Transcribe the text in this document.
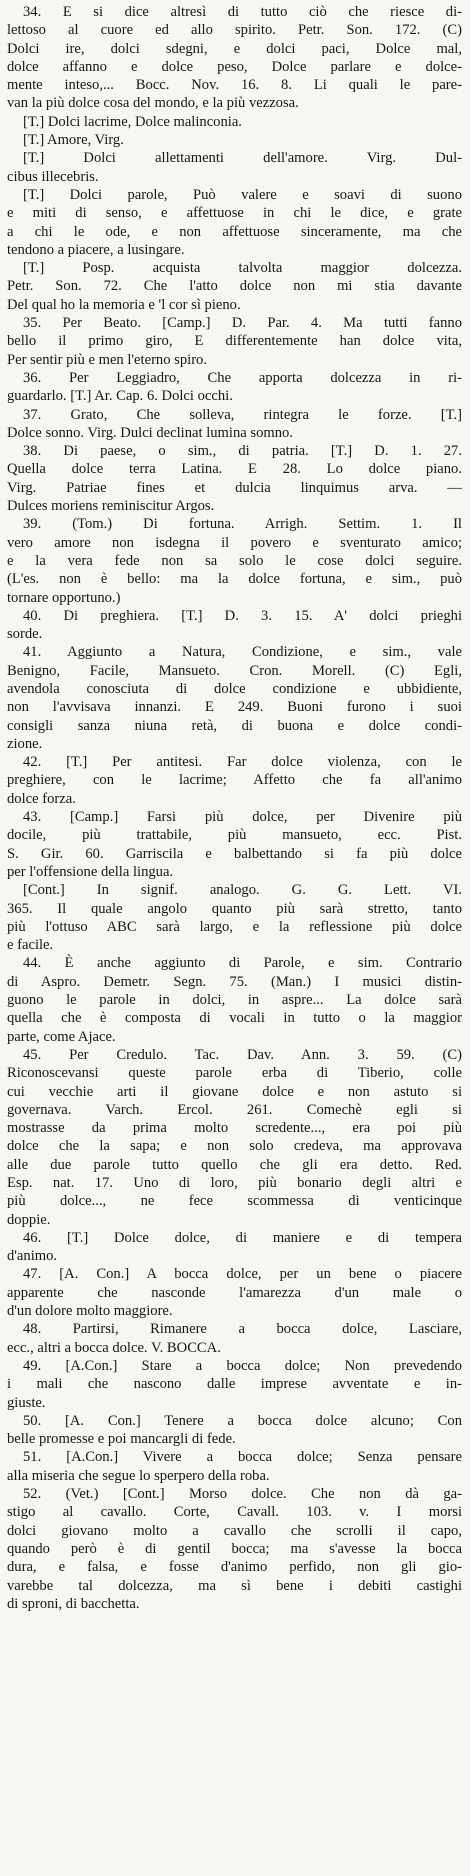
34. E si dice altresì di tutto ciò che riesce di-
lettoso al cuore ed allo spirito. Petr. Son. 172. (C)
Dolci ire, dolci sdegni, e dolci paci, Dolce mal,
dolce affanno e dolce peso, Dolce parlare e dolce-
mente inteso,... Bocc. Nov. 16. 8. Li quali le pare-
van la più dolce cosa del mondo, e la più vezzosa.
[T.] Dolci lacrime, Dolce malinconia.
[T.] Amore, Virg.
[T.] Dolci allettamenti dell'amore. Virg. Dul-
cibus illecebris.
[T.] Dolci parole, Può valere e soavi di suono
e miti di senso, e affettuose in chi le dice, e grate
a chi le ode, e non affettuose sinceramente, ma che
tendono a piacere, a lusingare.
[T.] Posp. acquista talvolta maggior dolcezza.
Petr. Son. 72. Che l'atto dolce non mi stia davante
Del qual ho la memoria e 'l cor sì pieno.
35. Per Beato. [Camp.] D. Par. 4. Ma tutti fanno
bello il primo giro, E differentemente han dolce vita,
Per sentir più e men l'eterno spiro.
36. Per Leggiadro, Che apporta dolcezza in ri-
guardarlo. [T.] Ar. Cap. 6. Dolci occhi.
37. Grato, Che solleva, rintegra le forze. [T.]
Dolce sonno. Virg. Dulci declinat lumina somno.
38. Di paese, o sim., di patria. [T.] D. 1. 27.
Quella dolce terra Latina. E 28. Lo dolce piano.
Virg. Patriae fines et dulcia linquimus arva. —
Dulces moriens reminiscitur Argos.
39. (Tom.) Di fortuna. Arrigh. Settim. 1. Il
vero amore non isdegna il povero e sventurato amico;
e la vera fede non sa solo le cose dolci seguire.
(L'es. non è bello: ma la dolce fortuna, e sim., può
tornare opportuno.)
40. Di preghiera. [T.] D. 3. 15. A' dolci prieghi
sorde.
41. Aggiunto a Natura, Condizione, e sim., vale
Benigno, Facile, Mansueto. Cron. Morell. (C) Egli,
avendola conosciuta di dolce condizione e ubbidiente,
non l'avvisava innanzi. E 249. Buoni furono i suoi
consigli sanza niuna retà, di buona e dolce condi-
zione.
42. [T.] Per antitesi. Far dolce violenza, con le
preghiere, con le lacrime; Affetto che fa all'animo
dolce forza.
43. [Camp.] Farsi più dolce, per Divenire più
docile, più trattabile, più mansueto, ecc. Pist.
S. Gir. 60. Garriscila e balbettando si fa più dolce
per l'offensione della lingua.
[Cont.] In signif. analogo. G. G. Lett. VI.
365. Il quale angolo quanto più sarà stretto, tanto
più l'ottuso ABC sarà largo, e la reflessione più dolce
e facile.
44. È anche aggiunto di Parole, e sim. Contrario
di Aspro. Demetr. Segn. 75. (Man.) I musici distin-
guono le parole in dolci, in aspre... La dolce sarà
quella che è composta di vocali in tutto o la maggior
parte, come Ajace.
45. Per Credulo. Tac. Dav. Ann. 3. 59. (C)
Riconoscevansi queste parole erba di Tiberio, colle
cui vecchie arti il giovane dolce e non astuto si
governava. Varch. Ercol. 261. Comechè egli si
mostrasse da prima molto scredente..., era poi più
dolce che la sapa; e non solo credeva, ma approvava
alle due parole tutto quello che gli era detto. Red.
Esp. nat. 17. Uno di loro, più bonario degli altri e
più dolce..., ne fece scommessa di venticinque
doppie.
46. [T.] Dolce dolce, di maniere e di tempera
d'animo.
47. [A. Con.] A bocca dolce, per un bene o piacere
apparente che nasconde l'amarezza d'un male o
d'un dolore molto maggiore.
48. Partirsi, Rimanere a bocca dolce, Lasciare,
ecc., altri a bocca dolce. V. BOCCA.
49. [A.Con.] Stare a bocca dolce; Non prevedendo
i mali che nascono dalle imprese avventate e in-
giuste.
50. [A. Con.] Tenere a bocca dolce alcuno; Con
belle promesse e poi mancargli di fede.
51. [A.Con.] Vivere a bocca dolce; Senza pensare
alla miseria che segue lo sperpero della roba.
52. (Vet.) [Cont.] Morso dolce. Che non dà ga-
stigo al cavallo. Corte, Cavall. 103. v. I morsi
dolci giovano molto a cavallo che scrolli il capo,
quando però è di gentil bocca; ma s'avesse la bocca
dura, e falsa, e fosse d'animo perfido, non gli gio-
varebbe tal dolcezza, ma sì bene i debiti castighi
di sproni, di bacchetta.
